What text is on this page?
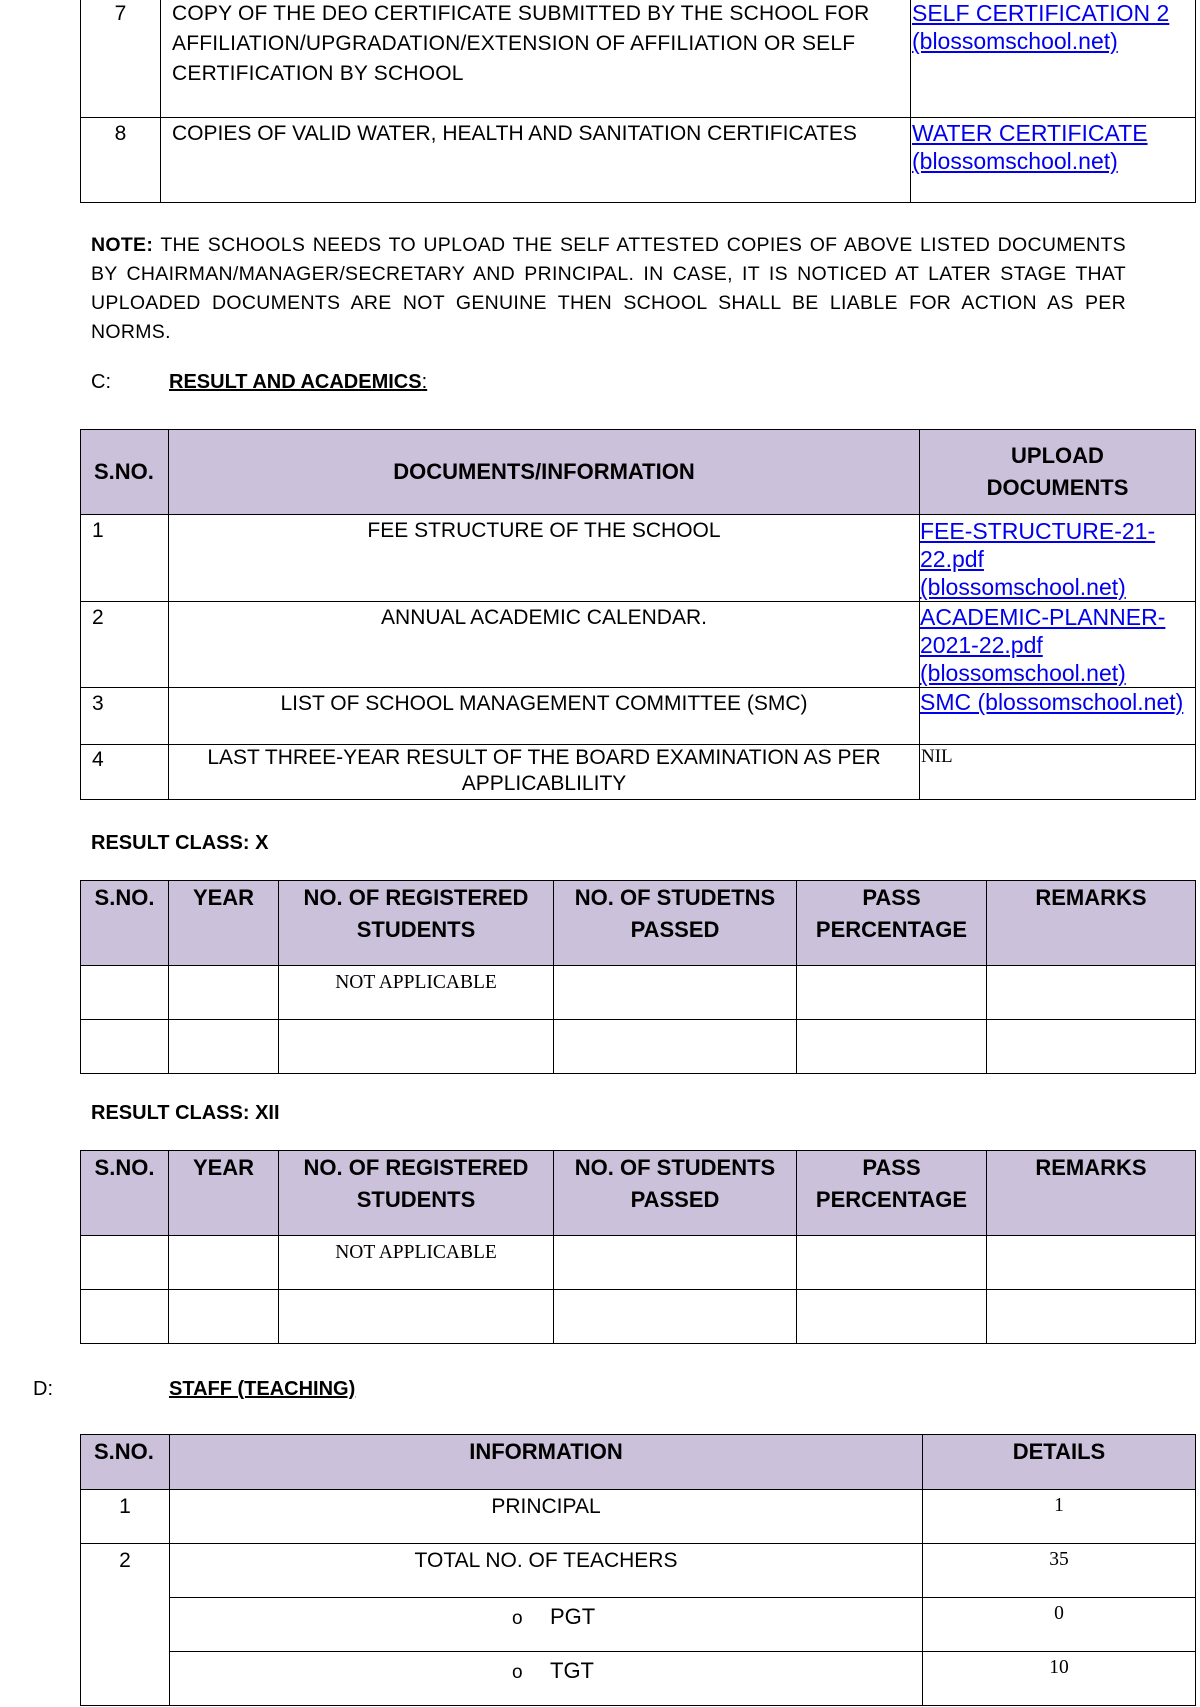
7	COPY OF THE DEO CERTIFICATE SUBMITTED BY THE SCHOOL FOR AFFILIATION/UPGRADATION/EXTENSION OF AFFILIATION OR SELF CERTIFICATION BY SCHOOL	SELF CERTIFICATION 2 (blossomschool.net)
8	COPIES OF VALID WATER, HEALTH AND SANITATION CERTIFICATES	WATER CERTIFICATE (blossomschool.net)
NOTE: THE SCHOOLS NEEDS TO UPLOAD THE SELF ATTESTED COPIES OF ABOVE LISTED DOCUMENTS BY CHAIRMAN/MANAGER/SECRETARY AND PRINCIPAL. IN CASE, IT IS NOTICED AT LATER STAGE THAT UPLOADED DOCUMENTS ARE NOT GENUINE THEN SCHOOL SHALL BE LIABLE FOR ACTION AS PER NORMS.
C:	RESULT AND ACADEMICS:
S.NO.	DOCUMENTS/INFORMATION	UPLOAD DOCUMENTS
1	FEE STRUCTURE OF THE SCHOOL	FEE-STRUCTURE-21-22.pdf (blossomschool.net)
2	ANNUAL ACADEMIC CALENDAR.	ACADEMIC-PLANNER-2021-22.pdf (blossomschool.net)
3	LIST OF SCHOOL MANAGEMENT COMMITTEE (SMC)	SMC (blossomschool.net)
4	LAST THREE-YEAR RESULT OF THE BOARD EXAMINATION AS PER APPLICABLILITY	NIL
RESULT CLASS: X
S.NO.	YEAR	NO. OF REGISTERED STUDENTS	NO. OF STUDETNS PASSED	PASS PERCENTAGE	REMARKS
		NOT APPLICABLE			

RESULT CLASS: XII
S.NO.	YEAR	NO. OF REGISTERED STUDENTS	NO. OF STUDENTS PASSED	PASS PERCENTAGE	REMARKS
		NOT APPLICABLE			

D:	STAFF (TEACHING)
S.NO.	INFORMATION	DETAILS
1	PRINCIPAL	1
2	TOTAL NO. OF TEACHERS	35
	o PGT	0
	o TGT	10
